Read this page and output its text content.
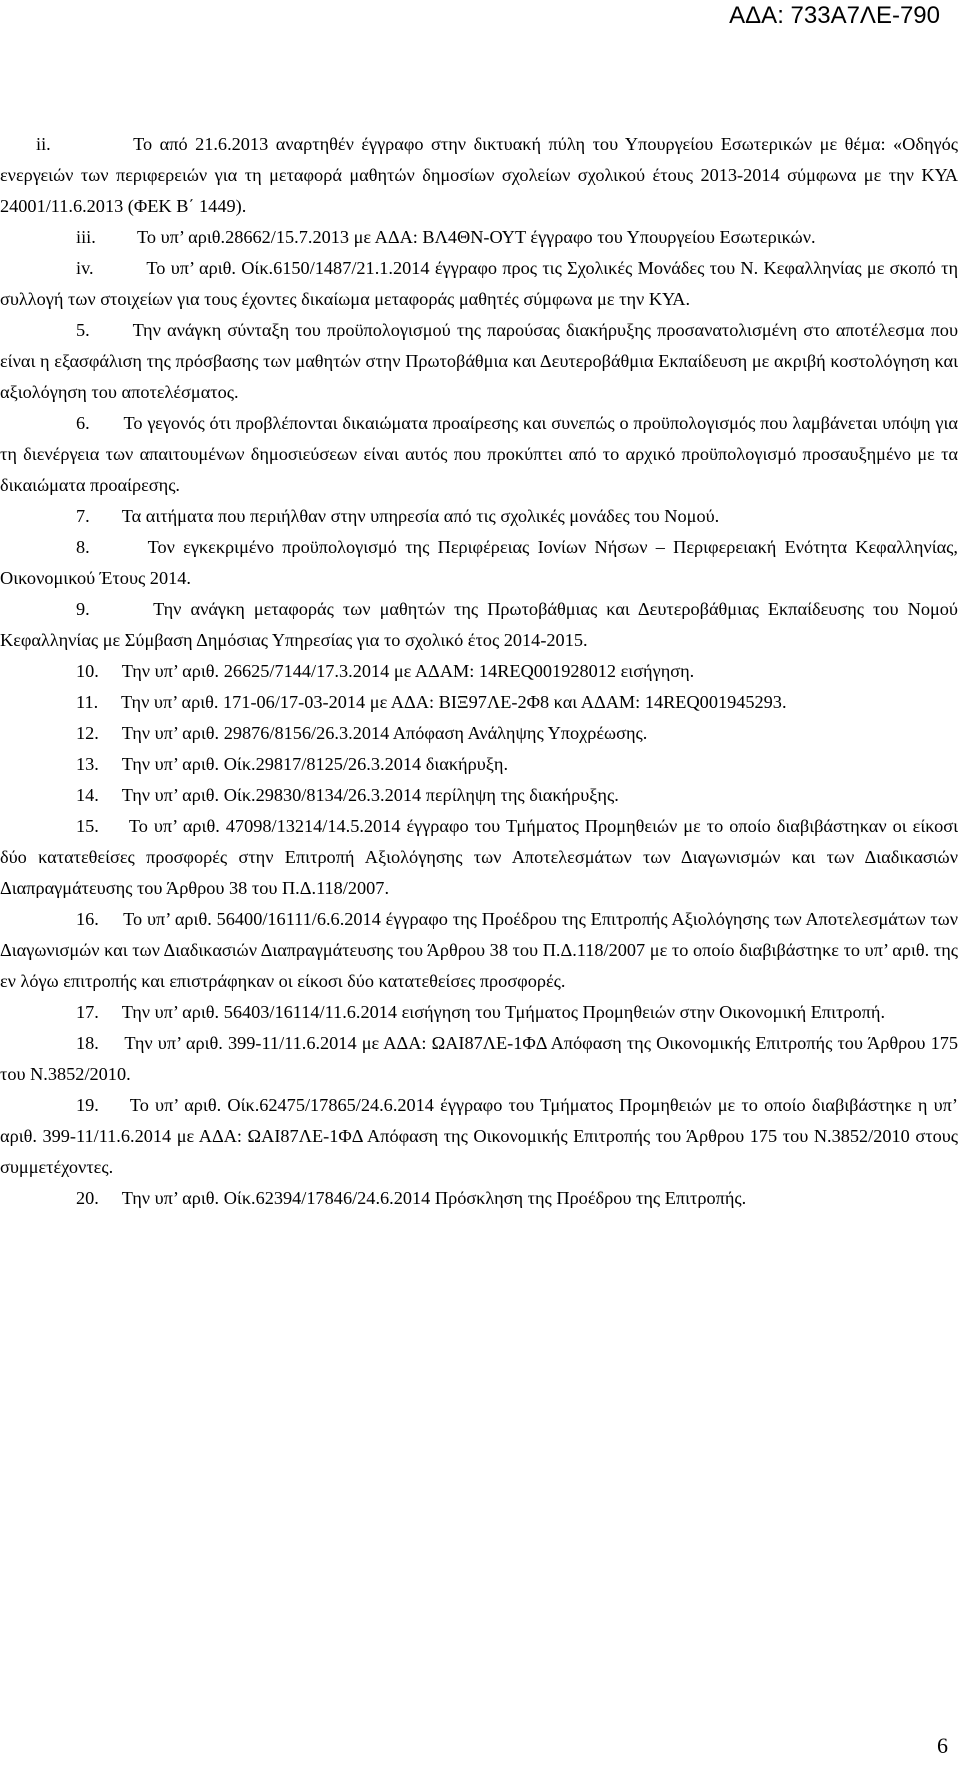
ΑΔΑ: 733Α7ΛΕ-790

ii.	Το από 21.6.2013 αναρτηθέν έγγραφο στην δικτυακή πύλη του Υπουργείου Εσωτερικών με θέμα: «Οδηγός ενεργειών των περιφερειών για τη μεταφορά μαθητών δημοσίων σχολείων σχολικού έτους 2013-2014 σύμφωνα με την ΚΥΑ 24001/11.6.2013 (ΦΕΚ Β΄ 1449).

iii. Το υπ’ αριθ.28662/15.7.2013 με ΑΔΑ: ΒΛ4ΘΝ-ΟΥΤ έγγραφο του Υπουργείου Εσωτερικών.

iv.	Το υπ’ αριθ. Οίκ.6150/1487/21.1.2014 έγγραφο προς τις Σχολικές Μονάδες του Ν. Κεφαλληνίας με σκοπό τη συλλογή των στοιχείων για τους έχοντες δικαίωμα μεταφοράς μαθητές σύμφωνα με την ΚΥΑ.

5. Την ανάγκη σύνταξη του προϋπολογισμού της παρούσας διακήρυξης προσανατολισμένη στο αποτέλεσμα που είναι η εξασφάλιση της πρόσβασης των μαθητών στην Πρωτοβάθμια και Δευτεροβάθμια Εκπαίδευση με ακριβή κοστολόγηση και αξιολόγηση του αποτελέσματος.

6. Το γεγονός ότι προβλέπονται δικαιώματα προαίρεσης και συνεπώς ο προϋπολογισμός που λαμβάνεται υπόψη για τη διενέργεια των απαιτουμένων δημοσιεύσεων είναι αυτός που προκύπτει από το αρχικό προϋπολογισμό προσαυξημένο με τα δικαιώματα προαίρεσης.

7. Τα αιτήματα που περιήλθαν στην υπηρεσία από τις σχολικές μονάδες του Νομού.

8.	Τον εγκεκριμένο προϋπολογισμό της Περιφέρειας Ιονίων Νήσων – Περιφερειακή Ενότητα Κεφαλληνίας, Οικονομικού Έτους 2014.

9.	Την ανάγκη μεταφοράς των μαθητών της Πρωτοβάθμιας και Δευτεροβάθμιας Εκπαίδευσης του Νομού Κεφαλληνίας με Σύμβαση Δημόσιας Υπηρεσίας για το σχολικό έτος 2014-2015.

10. Την υπ’ αριθ. 26625/7144/17.3.2014 με ΑΔΑΜ: 14REQ001928012 εισήγηση.

11. Την υπ’ αριθ. 171-06/17-03-2014 με ΑΔΑ: ΒΙΞ97ΛΕ-2Φ8 και ΑΔΑΜ: 14REQ001945293.

12. Την υπ’ αριθ. 29876/8156/26.3.2014 Απόφαση Ανάληψης Υποχρέωσης.

13. Την υπ’ αριθ. Οίκ.29817/8125/26.3.2014 διακήρυξη.

14. Την υπ’ αριθ. Οίκ.29830/8134/26.3.2014 περίληψη της διακήρυξης.

15. Το υπ’ αριθ. 47098/13214/14.5.2014 έγγραφο του Τμήματος Προμηθειών με το οποίο διαβιβάστηκαν οι είκοσι δύο κατατεθείσες προσφορές στην Επιτροπή Αξιολόγησης των Αποτελεσμάτων των Διαγωνισμών και των Διαδικασιών Διαπραγμάτευσης του Άρθρου 38 του Π.Δ.118/2007.

16. Το υπ’ αριθ. 56400/16111/6.6.2014 έγγραφο της Προέδρου της Επιτροπής Αξιολόγησης των Αποτελεσμάτων των Διαγωνισμών και των Διαδικασιών Διαπραγμάτευσης του Άρθρου 38 του Π.Δ.118/2007 με το οποίο διαβιβάστηκε το υπ’ αριθ. της εν λόγω επιτροπής και επιστράφηκαν οι είκοσι δύο κατατεθείσες προσφορές.

17. Την υπ’ αριθ. 56403/16114/11.6.2014 εισήγηση του Τμήματος Προμηθειών στην Οικονομική Επιτροπή.

18. Την υπ’ αριθ. 399-11/11.6.2014 με ΑΔΑ: ΩΑΙ87ΛΕ-1ΦΔ Απόφαση της Οικονομικής Επιτροπής του Άρθρου 175 του Ν.3852/2010.

19. Το υπ’ αριθ. Οίκ.62475/17865/24.6.2014 έγγραφο του Τμήματος Προμηθειών με το οποίο διαβιβάστηκε η υπ’ αριθ. 399-11/11.6.2014 με ΑΔΑ: ΩΑΙ87ΛΕ-1ΦΔ Απόφαση της Οικονομικής Επιτροπής του Άρθρου 175 του Ν.3852/2010 στους συμμετέχοντες.

20. Την υπ’ αριθ. Οίκ.62394/17846/24.6.2014 Πρόσκληση της Προέδρου της Επιτροπής.

6
